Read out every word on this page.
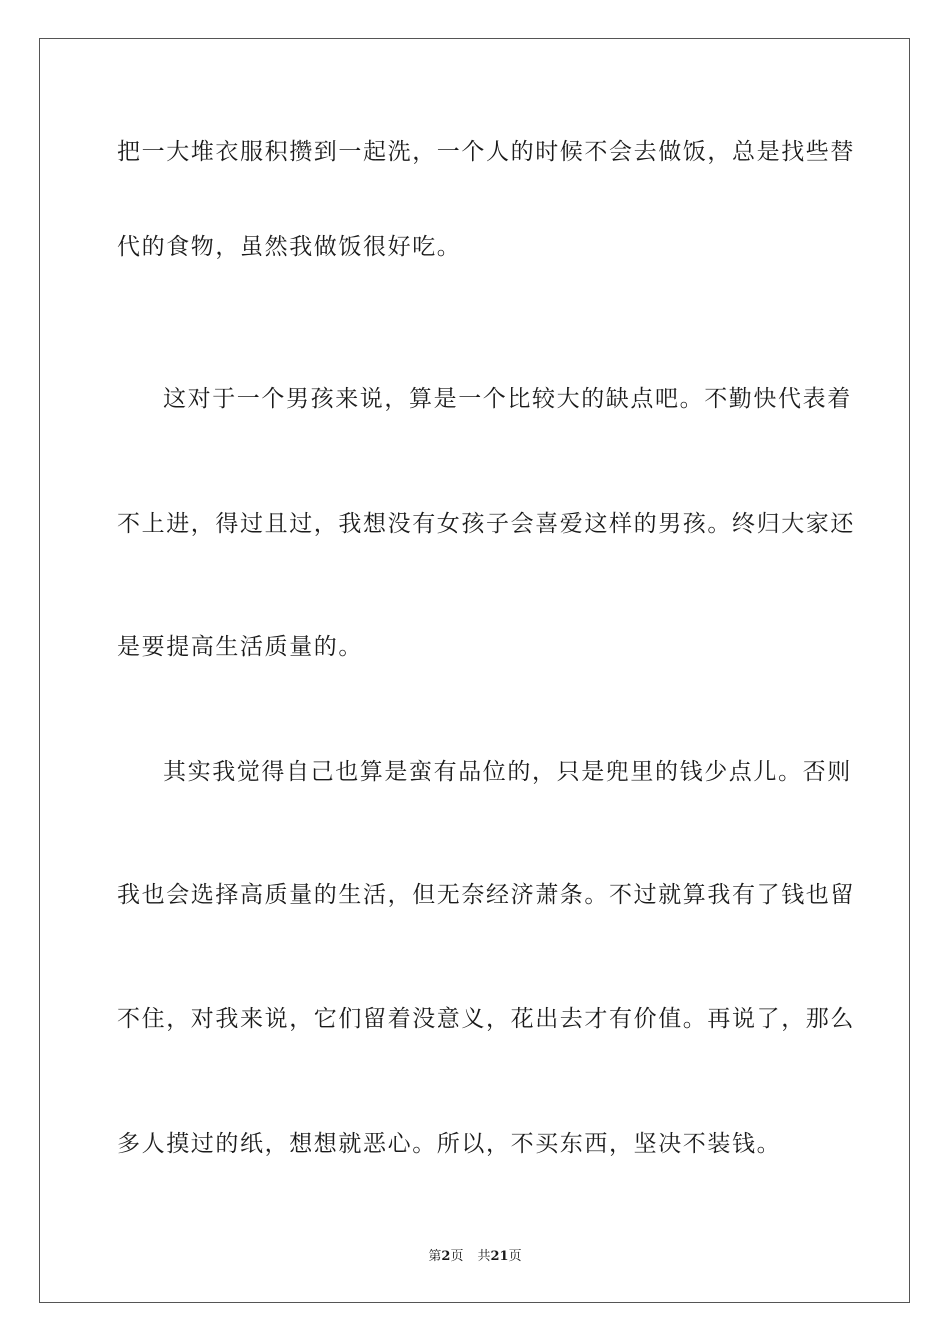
把一大堆衣服积攒到一起洗，一个人的时候不会去做饭，总是找些替
代的食物，虽然我做饭很好吃。
这对于一个男孩来说，算是一个比较大的缺点吧。不勤快代表着
不上进，得过且过，我想没有女孩子会喜爱这样的男孩。终归大家还
是要提高生活质量的。
其实我觉得自己也算是蛮有品位的，只是兜里的钱少点儿。否则
我也会选择高质量的生活，但无奈经济萧条。不过就算我有了钱也留
不住，对我来说，它们留着没意义，花出去才有价值。再说了，那么
多人摸过的纸，想想就恶心。所以，不买东西，坚决不装钱。
第2页 共21页
